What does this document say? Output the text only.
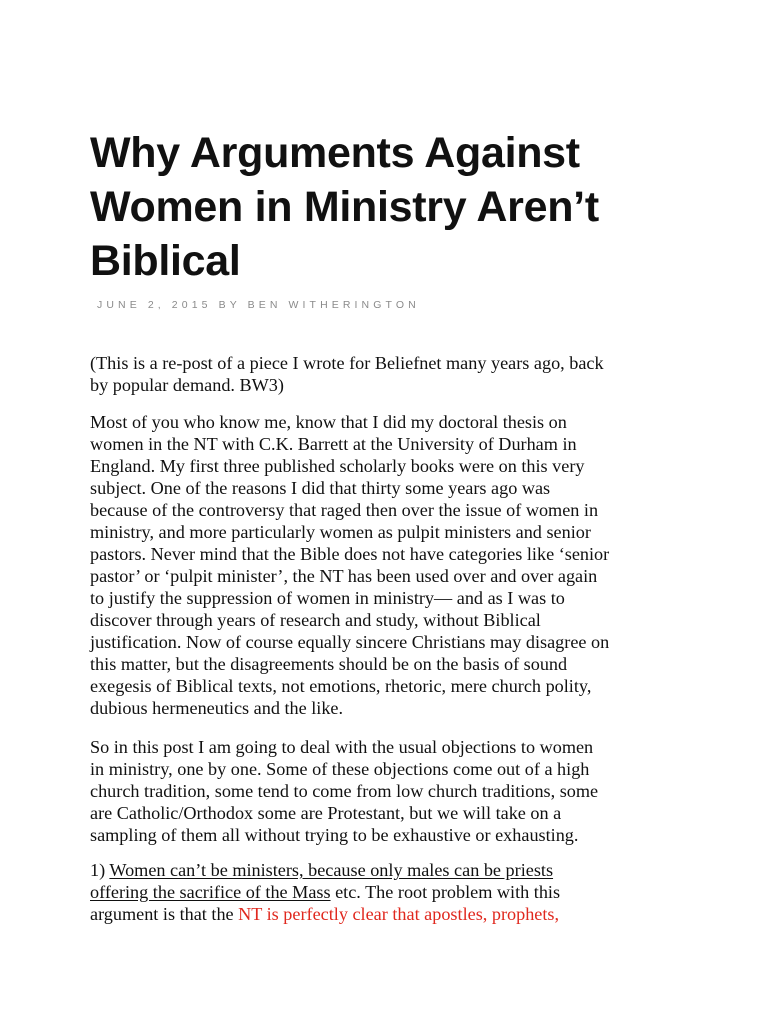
Why Arguments Against Women in Ministry Aren’t Biblical
JUNE 2, 2015 BY BEN WITHERINGTON
(This is a re-post of a piece I wrote for Beliefnet many years ago, back
by popular demand. BW3)
Most of you who know me, know that I did my doctoral thesis on
women in the NT with C.K. Barrett at the University of Durham in
England. My first three published scholarly books were on this very
subject. One of the reasons I did that thirty some years ago was
because of the controversy that raged then over the issue of women in
ministry, and more particularly women as pulpit ministers and senior
pastors. Never mind that the Bible does not have categories like ‘senior
pastor’ or ‘pulpit minister’, the NT has been used over and over again
to justify the suppression of women in ministry— and as I was to
discover through years of research and study, without Biblical
justification. Now of course equally sincere Christians may disagree on
this matter, but the disagreements should be on the basis of sound
exegesis of Biblical texts, not emotions, rhetoric, mere church polity,
dubious hermeneutics and the like.
So in this post I am going to deal with the usual objections to women
in ministry, one by one. Some of these objections come out of a high
church tradition, some tend to come from low church traditions, some
are Catholic/Orthodox some are Protestant, but we will take on a
sampling of them all without trying to be exhaustive or exhausting.
1) Women can’t be ministers, because only males can be priests
offering the sacrifice of the Mass etc. The root problem with this
argument is that the NT is perfectly clear that apostles, prophets,
